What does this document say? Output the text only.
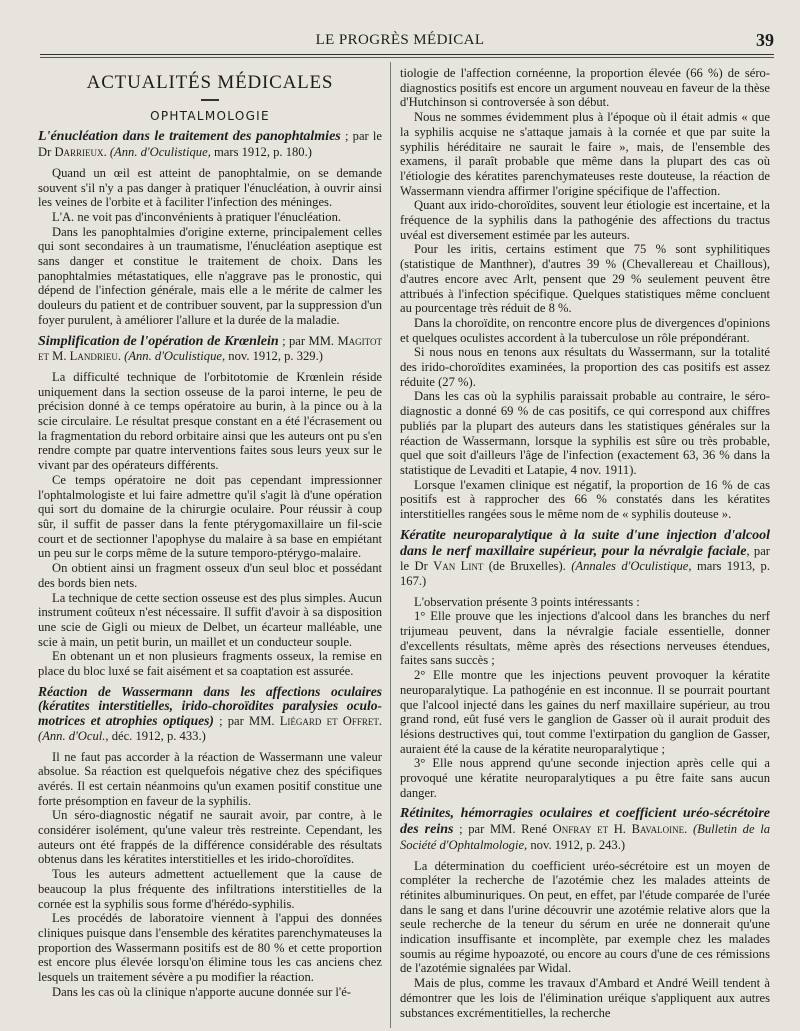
LE PROGRÈS MÉDICAL	39
ACTUALITÉS MÉDICALES
OPHTALMOLOGIE
L'énucléation dans le traitement des panophtalmies ; par le Dr Darrieux. (Ann. d'Oculistique, mars 1912, p. 180.)

Quand un œil est atteint de panophtalmie, on se demande souvent s'il n'y a pas danger à pratiquer l'énucléation, à ouvrir ainsi les veines de l'orbite et à faciliter l'infection des méninges.

L'A. ne voit pas d'inconvénients à pratiquer l'énucléation.

Dans les panophtalmies d'origine externe, principalement celles qui sont secondaires à un traumatisme, l'énucléation aseptique est sans danger et constitue le traitement de choix. Dans les panophtalmies métastatiques, elle n'aggrave pas le pronostic, qui dépend de l'infection générale, mais elle a le mérite de calmer les douleurs du patient et de contribuer souvent, par la suppression d'un foyer purulent, à améliorer l'allure et la durée de la maladie.

Simplification de l'opération de Krœnlein ; par MM. Magitot et M. Landrieu. (Ann. d'Oculistique, nov. 1912, p. 329.)

La difficulté technique de l'orbitotomie de Krœnlein réside uniquement dans la section osseuse de la paroi interne, le peu de précision donné à ce temps opératoire au burin, à la pince ou à la scie circulaire. Le résultat presque constant en a été l'écrasement ou la fragmentation du rebord orbitaire ainsi que les auteurs ont pu s'en rendre compte par quatre interventions faites sous leurs yeux sur le vivant par des opérateurs différents.

Ce temps opératoire ne doit pas cependant impressionner l'ophtalmologiste et lui faire admettre qu'il s'agit là d'une opération qui sort du domaine de la chirurgie oculaire. Pour réussir à coup sûr, il suffit de passer dans la fente ptérygomaxillaire un fil-scie court et de sectionner l'apophyse du malaire à sa base en empiétant un peu sur le corps même de la suture temporo-ptérygo-malaire.

On obtient ainsi un fragment osseux d'un seul bloc et possédant des bords bien nets.

La technique de cette section osseuse est des plus simples. Aucun instrument coûteux n'est nécessaire. Il suffit d'avoir à sa disposition une scie de Gigli ou mieux de Delbet, un écarteur malléable, une scie à main, un petit burin, un maillet et un conducteur souple.

En obtenant un et non plusieurs fragments osseux, la remise en place du bloc luxé se fait aisément et sa coaptation est assurée.

Réaction de Wassermann dans les affections oculaires (kératites interstitielles, irido-choroïdites paralysies oculo-motrices et atrophies optiques) ; par MM. Liégard et Offret. (Ann. d'Ocul., déc. 1912, p. 433.)

Il ne faut pas accorder à la réaction de Wassermann une valeur absolue. Sa réaction est quelquefois négative chez des spécifiques avérés. Il est certain néanmoins qu'un examen positif constitue une forte présomption en faveur de la syphilis.

Un séro-diagnostic négatif ne saurait avoir, par contre, à le considérer isolément, qu'une valeur très restreinte. Cependant, les auteurs ont été frappés de la différence considérable des résultats obtenus dans les kératites interstitielles et les irido-choroïdites.

Tous les auteurs admettent actuellement que la cause de beaucoup la plus fréquente des infiltrations interstitielles de la cornée est la syphilis sous forme d'hérédo-syphilis.

Les procédés de laboratoire viennent à l'appui des données cliniques puisque dans l'ensemble des kératites parenchymateuses la proportion des Wassermann positifs est de 80 % et cette proportion est encore plus élevée lorsqu'on élimine tous les cas anciens chez lesquels un traitement sévère a pu modifier la réaction.

Dans les cas où la clinique n'apporte aucune donnée sur l'é-

tiologie de l'affection cornéenne, la proportion élevée (66 %) de séro-diagnostics positifs est encore un argument nouveau en faveur de la thèse d'Hutchinson si controversée à son début.

Nous ne sommes évidemment plus à l'époque où il était admis « que la syphilis acquise ne s'attaque jamais à la cornée et que par suite la syphilis héréditaire ne saurait le faire », mais, de l'ensemble des examens, il paraît probable que même dans la plupart des cas où l'étiologie des kératites parenchymateuses reste douteuse, la réaction de Wassermann viendra affirmer l'origine spécifique de l'affection.

Quant aux irido-choroïdites, souvent leur étiologie est incertaine, et la fréquence de la syphilis dans la pathogénie des affections du tractus uvéal est diversement estimée par les auteurs.

Pour les iritis, certains estiment que 75 % sont syphilitiques (statistique de Manthner), d'autres 39 % (Chevallereau et Chaillous), d'autres encore avec Arlt, pensent que 29 % seulement peuvent être attribués à l'infection spécifique. Quelques statistiques même concluent au pourcentage très réduit de 8 %.

Dans la choroïdite, on rencontre encore plus de divergences d'opinions et quelques oculistes accordent à la tuberculose un rôle prépondérant.

Si nous nous en tenons aux résultats du Wassermann, sur la totalité des irido-choroïdites examinées, la proportion des cas positifs est assez réduite (27 %).

Dans les cas où la syphilis paraissait probable au contraire, le séro-diagnostic a donné 69 % de cas positifs, ce qui correspond aux chiffres publiés par la plupart des auteurs dans les statistiques générales sur la réaction de Wassermann, lorsque la syphilis est sûre ou très probable, quel que soit d'ailleurs l'âge de l'infection (exactement 63, 36 % dans la statistique de Levaditi et Latapie, 4 nov. 1911).

Lorsque l'examen clinique est négatif, la proportion de 16 % de cas positifs est à rapprocher des 66 % constatés dans les kératites interstitielles rangées sous le même nom de « syphilis douteuse ».

Kératite neuroparalytique à la suite d'une injection d'alcool dans le nerf maxillaire supérieur, pour la névralgie faciale, par le Dr Van Lint (de Bruxelles). (Annales d'Oculistique, mars 1913, p. 167.)

L'observation présente 3 points intéressants :

1° Elle prouve que les injections d'alcool dans les branches du nerf trijumeau peuvent, dans la névralgie faciale essentielle, donner d'excellents résultats, même après des résections nerveuses étendues, faites sans succès ;

2° Elle montre que les injections peuvent provoquer la kératite neuroparalytique. La pathogénie en est inconnue. Il se pourrait pourtant que l'alcool injecté dans les gaines du nerf maxillaire supérieur, au trou grand rond, eût fusé vers le ganglion de Gasser où il aurait produit des lésions destructives qui, tout comme l'extirpation du ganglion de Gasser, auraient été la cause de la kératite neuroparalytique ;

3° Elle nous apprend qu'une seconde injection après celle qui a provoqué une kératite neuroparalytiques a pu être faite sans aucun danger.

Rétinites, hémorragies oculaires et coefficient uréo-sécrétoire des reins ; par MM. René Onfray et H. Bavaloine. (Bulletin de la Société d'Ophtalmologie, nov. 1912, p. 243.)

La détermination du coefficient uréo-sécrétoire est un moyen de compléter la recherche de l'azotémie chez les malades atteints de rétinites albuminuriques. On peut, en effet, par l'étude comparée de l'urée dans le sang et dans l'urine découvrir une azotémie relative alors que la seule recherche de la teneur du sérum en urée ne donnerait qu'une indication insuffisante et incomplète, par exemple chez les malades soumis au régime hypoazoté, ou encore au cours d'une de ces rémissions de l'azotémie signalées par Widal.

Mais de plus, comme les travaux d'Ambard et André Weill tendent à démontrer que les lois de l'élimination uréique s'appliquent aux autres substances excrémentitielles, la recherche
